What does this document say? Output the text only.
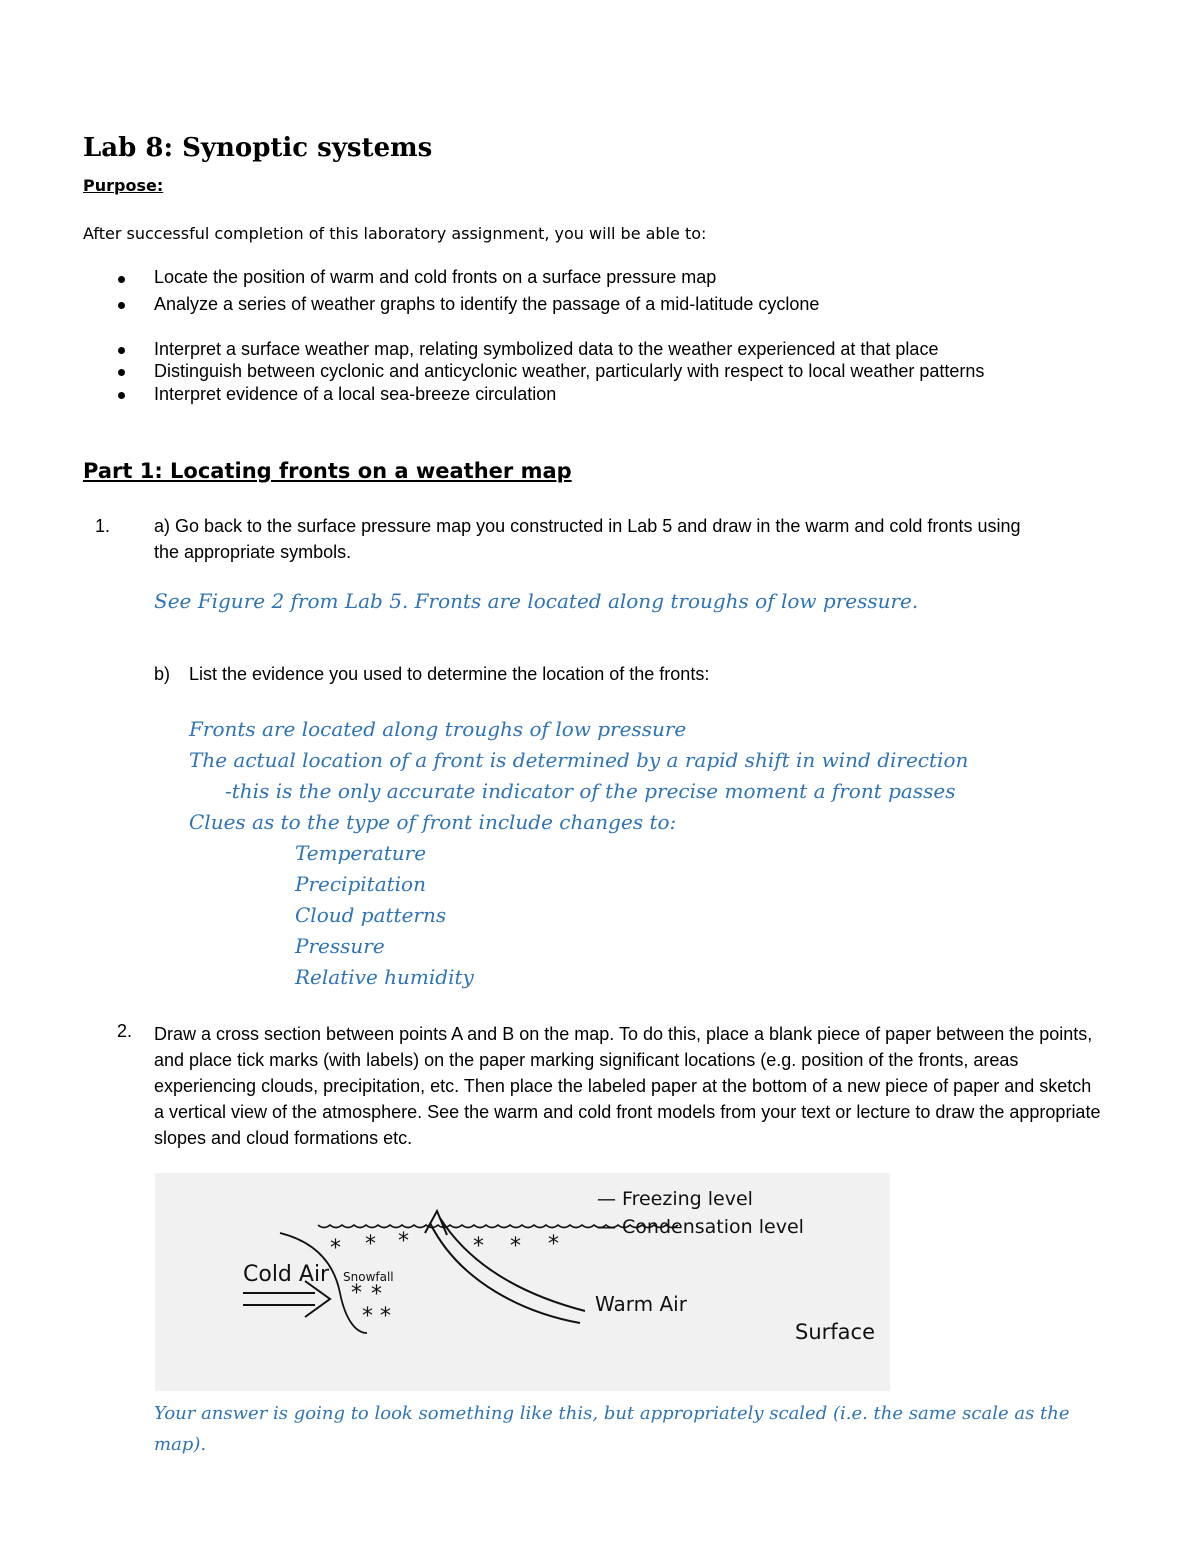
Lab 8: Synoptic systems
Purpose:
After successful completion of this laboratory assignment, you will be able to:
Locate the position of warm and cold fronts on a surface pressure map
Analyze a series of weather graphs to identify the passage of a mid-latitude cyclone
Interpret a surface weather map, relating symbolized data to the weather experienced at that place
Distinguish between cyclonic and anticyclonic weather, particularly with respect to local weather patterns
Interpret evidence of a local sea-breeze circulation
Part 1: Locating fronts on a weather map
1. a) Go back to the surface pressure map you constructed in Lab 5 and draw in the warm and cold fronts using
the appropriate symbols.
See Figure 2 from Lab 5. Fronts are located along troughs of low pressure.
b) List the evidence you used to determine the location of the fronts:
Fronts are located along troughs of low pressure
The actual location of a front is determined by a rapid shift in wind direction
-this is the only accurate indicator of the precise moment a front passes
Clues as to the type of front include changes to:
Temperature
Precipitation
Cloud patterns
Pressure
Relative humidity
2. Draw a cross section between points A and B on the map. To do this, place a blank piece of paper between the points, and place tick marks (with labels) on the paper marking significant locations (e.g. position of the fronts, areas experiencing clouds, precipitation, etc. Then place the labeled paper at the bottom of a new piece of paper and sketch a vertical view of the atmosphere. See the warm and cold front models from your text or lecture to draw the appropriate slopes and cloud formations etc.
* * *	* * *
* *
* *
— Freezing level
— Condensation level
Cold Air Snowfall
Warm Air
Surface
Your answer is going to look something like this, but appropriately scaled (i.e. the same scale as the map).
